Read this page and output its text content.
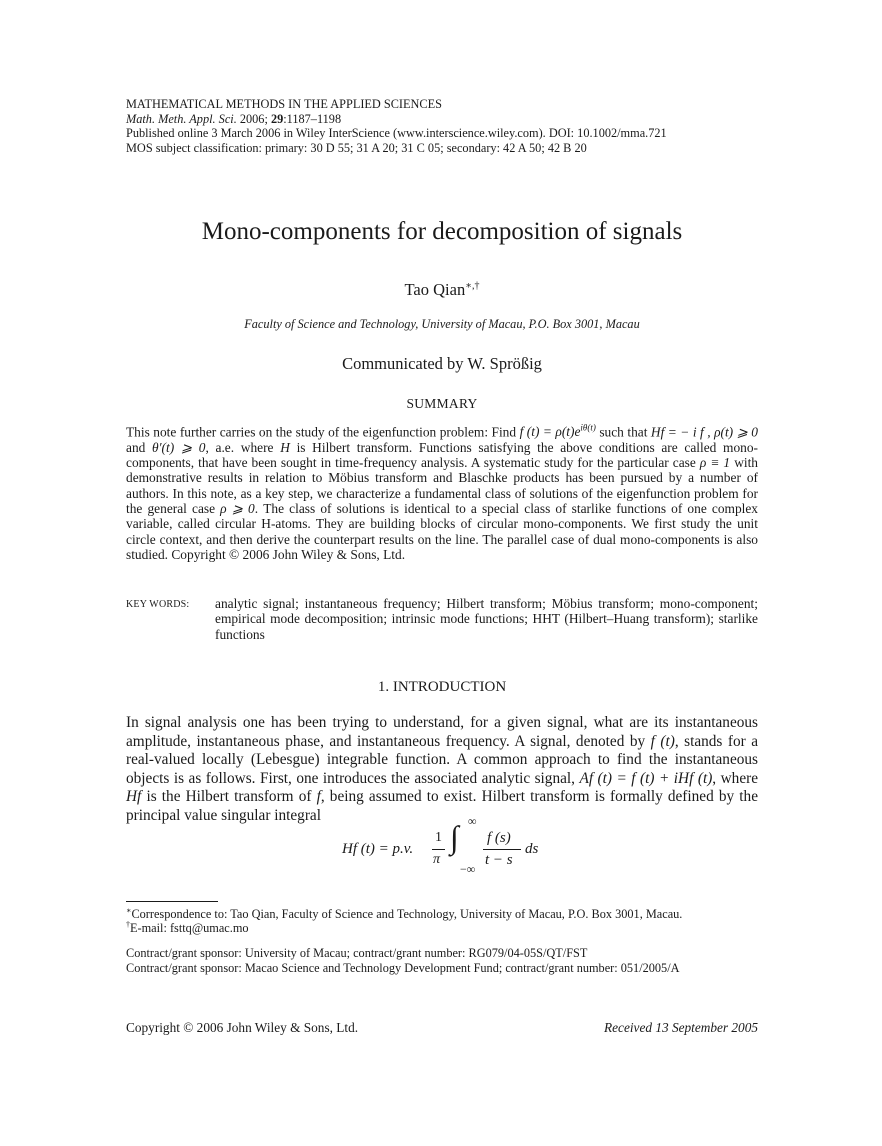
MATHEMATICAL METHODS IN THE APPLIED SCIENCES
Math. Meth. Appl. Sci. 2006; 29:1187–1198
Published online 3 March 2006 in Wiley InterScience (www.interscience.wiley.com). DOI: 10.1002/mma.721
MOS subject classification: primary: 30 D 55; 31 A 20; 31 C 05; secondary: 42 A 50; 42 B 20
Mono-components for decomposition of signals
Tao Qian∗,†
Faculty of Science and Technology, University of Macau, P.O. Box 3001, Macau
Communicated by W. Sprößig
SUMMARY

This note further carries on the study of the eigenfunction problem: Find f $(t) = \rho(t)e^{i\theta(t)}$ such that Hf = − i f , ρ(t) ⩾ 0 and θ′(t) ⩾ 0, a.e. where H is Hilbert transform. Functions satisfying the above conditions are called mono-components, that have been sought in time-frequency analysis. A systematic study for the particular case ρ ≡ 1 with demonstrative results in relation to Möbius transform and Blaschke products has been pursued by a number of authors. In this note, as a key step, we characterize a fundamental class of solutions of the eigenfunction problem for the general case ρ ⩾ 0. The class of solutions is identical to a special class of starlike functions of one complex variable, called circular H-atoms. They are building blocks of circular mono-components. We first study the unit circle context, and then derive the counterpart results on the line. The parallel case of dual mono-components is also studied. Copyright © 2006 John Wiley & Sons, Ltd.

KEY WORDS: analytic signal; instantaneous frequency; Hilbert transform; Möbius transform; mono-component; empirical mode decomposition; intrinsic mode functions; HHT (Hilbert–Huang transform); starlike functions
1. INTRODUCTION

In signal analysis one has been trying to understand, for a given signal, what are its instantaneous amplitude, instantaneous phase, and instantaneous frequency. A signal, denoted by f (t), stands for a real-valued locally (Lebesgue) integrable function. A common approach to find the instantaneous objects is as follows. First, one introduces the associated analytic signal, Af (t) = f (t) + iHf (t), where Hf is the Hilbert transform of f, being assumed to exist. Hilbert transform is formally defined by the principal value singular integral

Hf (t) = p.v.
1
π
∞
∫
−∞
f (s)
t − s
ds
∗Correspondence to: Tao Qian, Faculty of Science and Technology, University of Macau, P.O. Box 3001, Macau.
†E-mail: fsttq@umac.mo
Contract/grant sponsor: University of Macau; contract/grant number: RG079/04-05S/QT/FST
Contract/grant sponsor: Macao Science and Technology Development Fund; contract/grant number: 051/2005/A
Copyright © 2006 John Wiley & Sons, Ltd.	Received 13 September 2005
